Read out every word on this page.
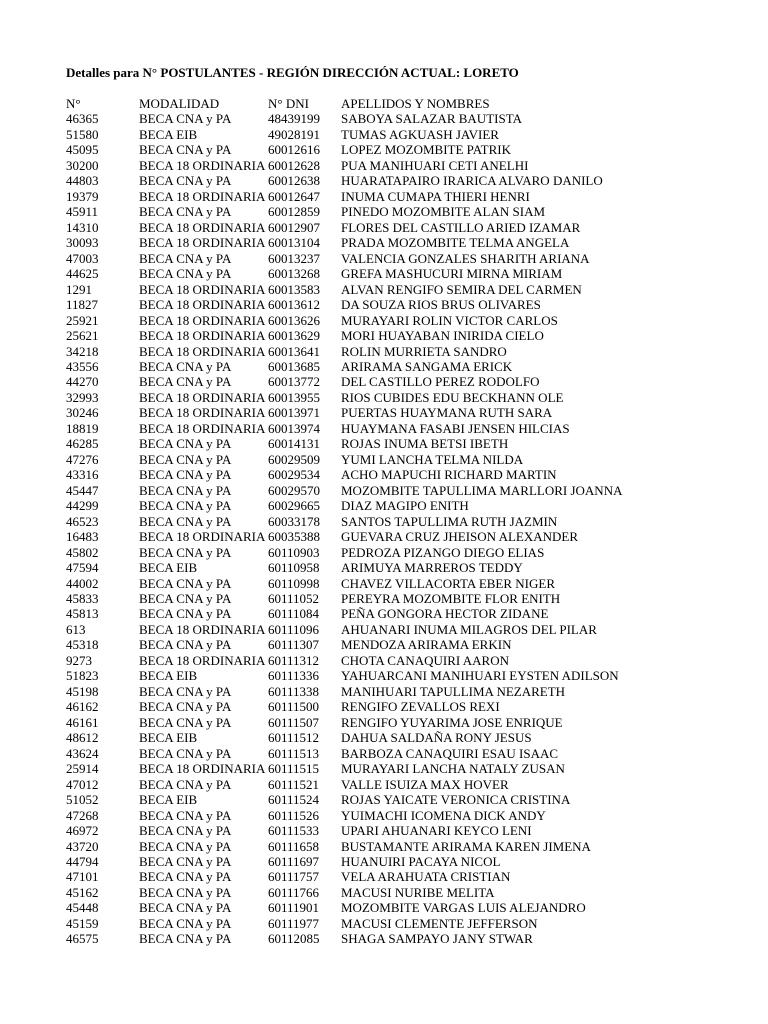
Detalles para N° POSTULANTES - REGIÓN DIRECCIÓN ACTUAL: LORETO
N°	MODALIDAD	N° DNI APELLIDOS Y NOMBRES
46365	BECA CNA y PA	48439199 SABOYA SALAZAR BAUTISTA
51580	BECA EIB	49028191 TUMAS AGKUASH JAVIER
45095	BECA CNA y PA	60012616 LOPEZ MOZOMBITE PATRIK
30200	BECA 18 ORDINARIA 60012628 PUA MANIHUARI CETI ANELHI
44803	BECA CNA y PA	60012638 HUARATAPAIRO IRARICA ALVARO DANILO
19379	BECA 18 ORDINARIA 60012647 INUMA CUMAPA THIERI HENRI
45911	BECA CNA y PA	60012859 PINEDO MOZOMBITE ALAN SIAM
14310	BECA 18 ORDINARIA 60012907 FLORES DEL CASTILLO ARIED IZAMAR
30093	BECA 18 ORDINARIA 60013104 PRADA MOZOMBITE TELMA ANGELA
47003	BECA CNA y PA	60013237 VALENCIA GONZALES SHARITH ARIANA
44625	BECA CNA y PA	60013268 GREFA MASHUCURI MIRNA MIRIAM
1291	BECA 18 ORDINARIA 60013583 ALVAN RENGIFO SEMIRA DEL CARMEN
11827	BECA 18 ORDINARIA 60013612 DA SOUZA RIOS BRUS OLIVARES
25921	BECA 18 ORDINARIA 60013626 MURAYARI ROLIN VICTOR CARLOS
25621	BECA 18 ORDINARIA 60013629 MORI HUAYABAN INIRIDA CIELO
34218	BECA 18 ORDINARIA 60013641 ROLIN MURRIETA SANDRO
43556	BECA CNA y PA	60013685 ARIRAMA SANGAMA ERICK
44270	BECA CNA y PA	60013772 DEL CASTILLO PEREZ RODOLFO
32993	BECA 18 ORDINARIA 60013955 RIOS CUBIDES EDU BECKHANN OLE
30246	BECA 18 ORDINARIA 60013971 PUERTAS HUAYMANA RUTH SARA
18819	BECA 18 ORDINARIA 60013974 HUAYMANA FASABI JENSEN HILCIAS
46285	BECA CNA y PA	60014131 ROJAS INUMA BETSI IBETH
47276	BECA CNA y PA	60029509 YUMI LANCHA TELMA NILDA
43316	BECA CNA y PA	60029534 ACHO MAPUCHI RICHARD MARTIN
45447	BECA CNA y PA	60029570 MOZOMBITE TAPULLIMA MARLLORI JOANNA
44299	BECA CNA y PA	60029665 DIAZ MAGIPO ENITH
46523	BECA CNA y PA	60033178 SANTOS TAPULLIMA RUTH JAZMIN
16483	BECA 18 ORDINARIA 60035388 GUEVARA CRUZ JHEISON ALEXANDER
45802	BECA CNA y PA	60110903 PEDROZA PIZANGO DIEGO ELIAS
47594	BECA EIB	60110958 ARIMUYA MARREROS TEDDY
44002	BECA CNA y PA	60110998 CHAVEZ VILLACORTA EBER NIGER
45833	BECA CNA y PA	60111052 PEREYRA MOZOMBITE FLOR ENITH
45813	BECA CNA y PA	60111084 PEÑA GONGORA HECTOR ZIDANE
613	BECA 18 ORDINARIA 60111096 AHUANARI INUMA MILAGROS DEL PILAR
45318	BECA CNA y PA	60111307 MENDOZA ARIRAMA ERKIN
9273	BECA 18 ORDINARIA 60111312 CHOTA CANAQUIRI AARON
51823	BECA EIB	60111336 YAHUARCANI MANIHUARI EYSTEN ADILSON
45198	BECA CNA y PA	60111338 MANIHUARI TAPULLIMA NEZARETH
46162	BECA CNA y PA	60111500 RENGIFO ZEVALLOS REXI
46161	BECA CNA y PA	60111507 RENGIFO YUYARIMA JOSE ENRIQUE
48612	BECA EIB	60111512 DAHUA SALDAÑA RONY JESUS
43624	BECA CNA y PA	60111513 BARBOZA CANAQUIRI ESAU ISAAC
25914	BECA 18 ORDINARIA 60111515 MURAYARI LANCHA NATALY ZUSAN
47012	BECA CNA y PA	60111521 VALLE ISUIZA MAX HOVER
51052	BECA EIB	60111524 ROJAS YAICATE VERONICA CRISTINA
47268	BECA CNA y PA	60111526 YUIMACHI ICOMENA DICK ANDY
46972	BECA CNA y PA	60111533 UPARI AHUANARI KEYCO LENI
43720	BECA CNA y PA	60111658 BUSTAMANTE ARIRAMA KAREN JIMENA
44794	BECA CNA y PA	60111697 HUANUIRI PACAYA NICOL
47101	BECA CNA y PA	60111757 VELA ARAHUATA CRISTIAN
45162	BECA CNA y PA	60111766 MACUSI NURIBE MELITA
45448	BECA CNA y PA	60111901 MOZOMBITE VARGAS LUIS ALEJANDRO
45159	BECA CNA y PA	60111977 MACUSI CLEMENTE JEFFERSON
46575	BECA CNA y PA	60112085 SHAGA SAMPAYO JANY STWAR
